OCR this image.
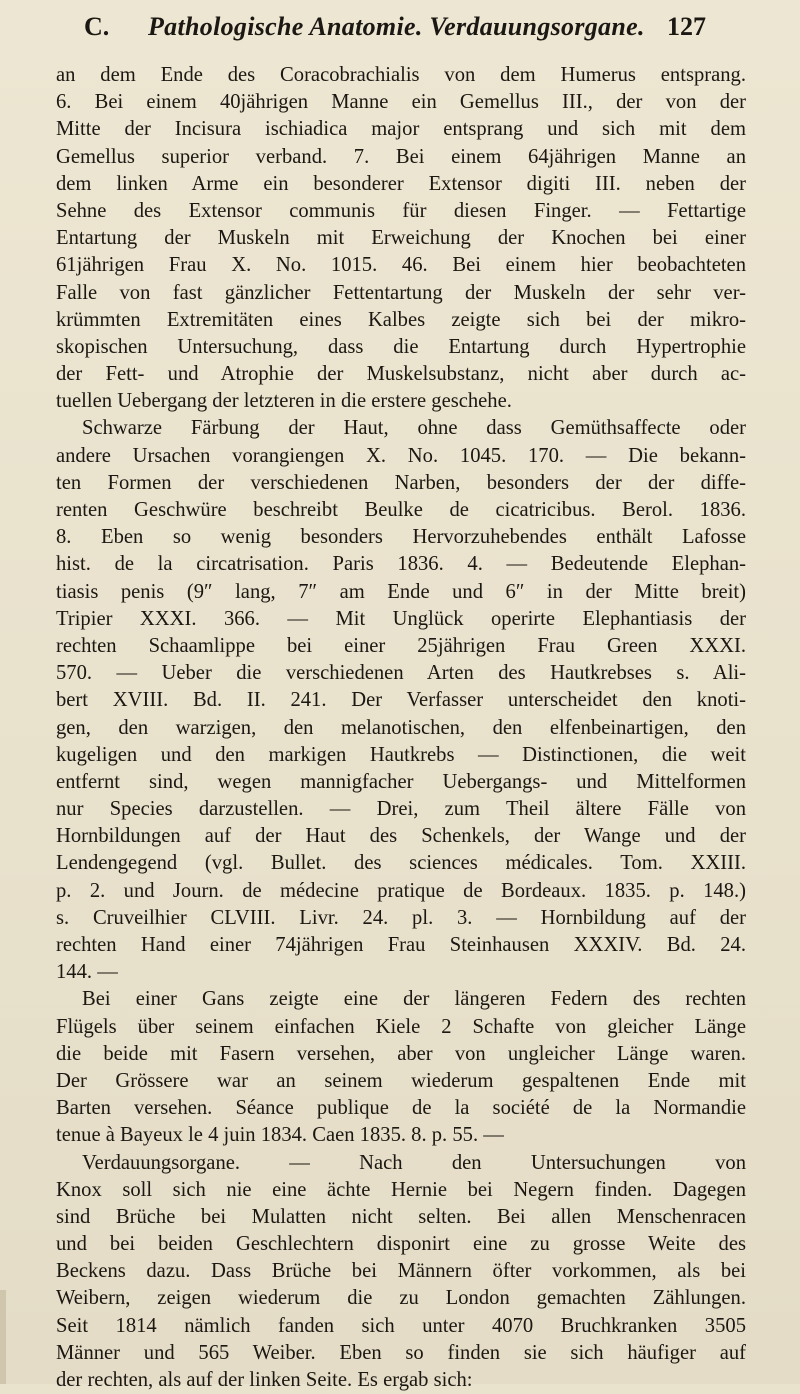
C. Pathologische Anatomie. Verdauungsorgane. 127
an dem Ende des Coracobrachialis von dem Humerus entsprang.
6. Bei einem 40jährigen Manne ein Gemellus III., der von der
Mitte der Incisura ischiadica major entsprang und sich mit dem
Gemellus superior verband. 7. Bei einem 64jährigen Manne an
dem linken Arme ein besonderer Extensor digiti III. neben der
Sehne des Extensor communis für diesen Finger. — Fettartige
Entartung der Muskeln mit Erweichung der Knochen bei einer
61jährigen Frau X. No. 1015. 46. Bei einem hier beobachteten
Falle von fast gänzlicher Fettentartung der Muskeln der sehr ver-
krümmten Extremitäten eines Kalbes zeigte sich bei der mikro-
skopischen Untersuchung, dass die Entartung durch Hypertrophie
der Fett- und Atrophie der Muskelsubstanz, nicht aber durch ac-
tuellen Uebergang der letzteren in die erstere geschehe.
Schwarze Färbung der Haut, ohne dass Gemüthsaffecte oder
andere Ursachen vorangiengen X. No. 1045. 170. — Die bekann-
ten Formen der verschiedenen Narben, besonders der der diffe-
renten Geschwüre beschreibt Beulke de cicatricibus. Berol. 1836.
8. Eben so wenig besonders Hervorzuhebendes enthält Lafosse
hist. de la circatrisation. Paris 1836. 4. — Bedeutende Elephan-
tiasis penis (9″ lang, 7″ am Ende und 6″ in der Mitte breit)
Tripier XXXI. 366. — Mit Unglück operirte Elephantiasis der
rechten Schaamlippe bei einer 25jährigen Frau Green XXXI.
570. — Ueber die verschiedenen Arten des Hautkrebses s. Ali-
bert XVIII. Bd. II. 241. Der Verfasser unterscheidet den knoti-
gen, den warzigen, den melanotischen, den elfenbeinartigen, den
kugeligen und den markigen Hautkrebs — Distinctionen, die weit
entfernt sind, wegen mannigfacher Uebergangs- und Mittelformen
nur Species darzustellen. — Drei, zum Theil ältere Fälle von
Hornbildungen auf der Haut des Schenkels, der Wange und der
Lendengegend (vgl. Bullet. des sciences médicales. Tom. XXIII.
p. 2. und Journ. de médecine pratique de Bordeaux. 1835. p. 148.)
s. Cruveilhier CLVIII. Livr. 24. pl. 3. — Hornbildung auf der
rechten Hand einer 74jährigen Frau Steinhausen XXXIV. Bd. 24.
144. —
Bei einer Gans zeigte eine der längeren Federn des rechten
Flügels über seinem einfachen Kiele 2 Schafte von gleicher Länge
die beide mit Fasern versehen, aber von ungleicher Länge waren.
Der Grössere war an seinem wiederum gespaltenen Ende mit
Barten versehen. Séance publique de la société de la Normandie
tenue à Bayeux le 4 juin 1834. Caen 1835. 8. p. 55. —
Verdauungsorgane. — Nach den Untersuchungen von
Knox soll sich nie eine ächte Hernie bei Negern finden. Dagegen
sind Brüche bei Mulatten nicht selten. Bei allen Menschenracen
und bei beiden Geschlechtern disponirt eine zu grosse Weite des
Beckens dazu. Dass Brüche bei Männern öfter vorkommen, als bei
Weibern, zeigen wiederum die zu London gemachten Zählungen.
Seit 1814 nämlich fanden sich unter 4070 Bruchkranken 3505
Männer und 565 Weiber. Eben so finden sie sich häufiger auf
der rechten, als auf der linken Seite. Es ergab sich:
